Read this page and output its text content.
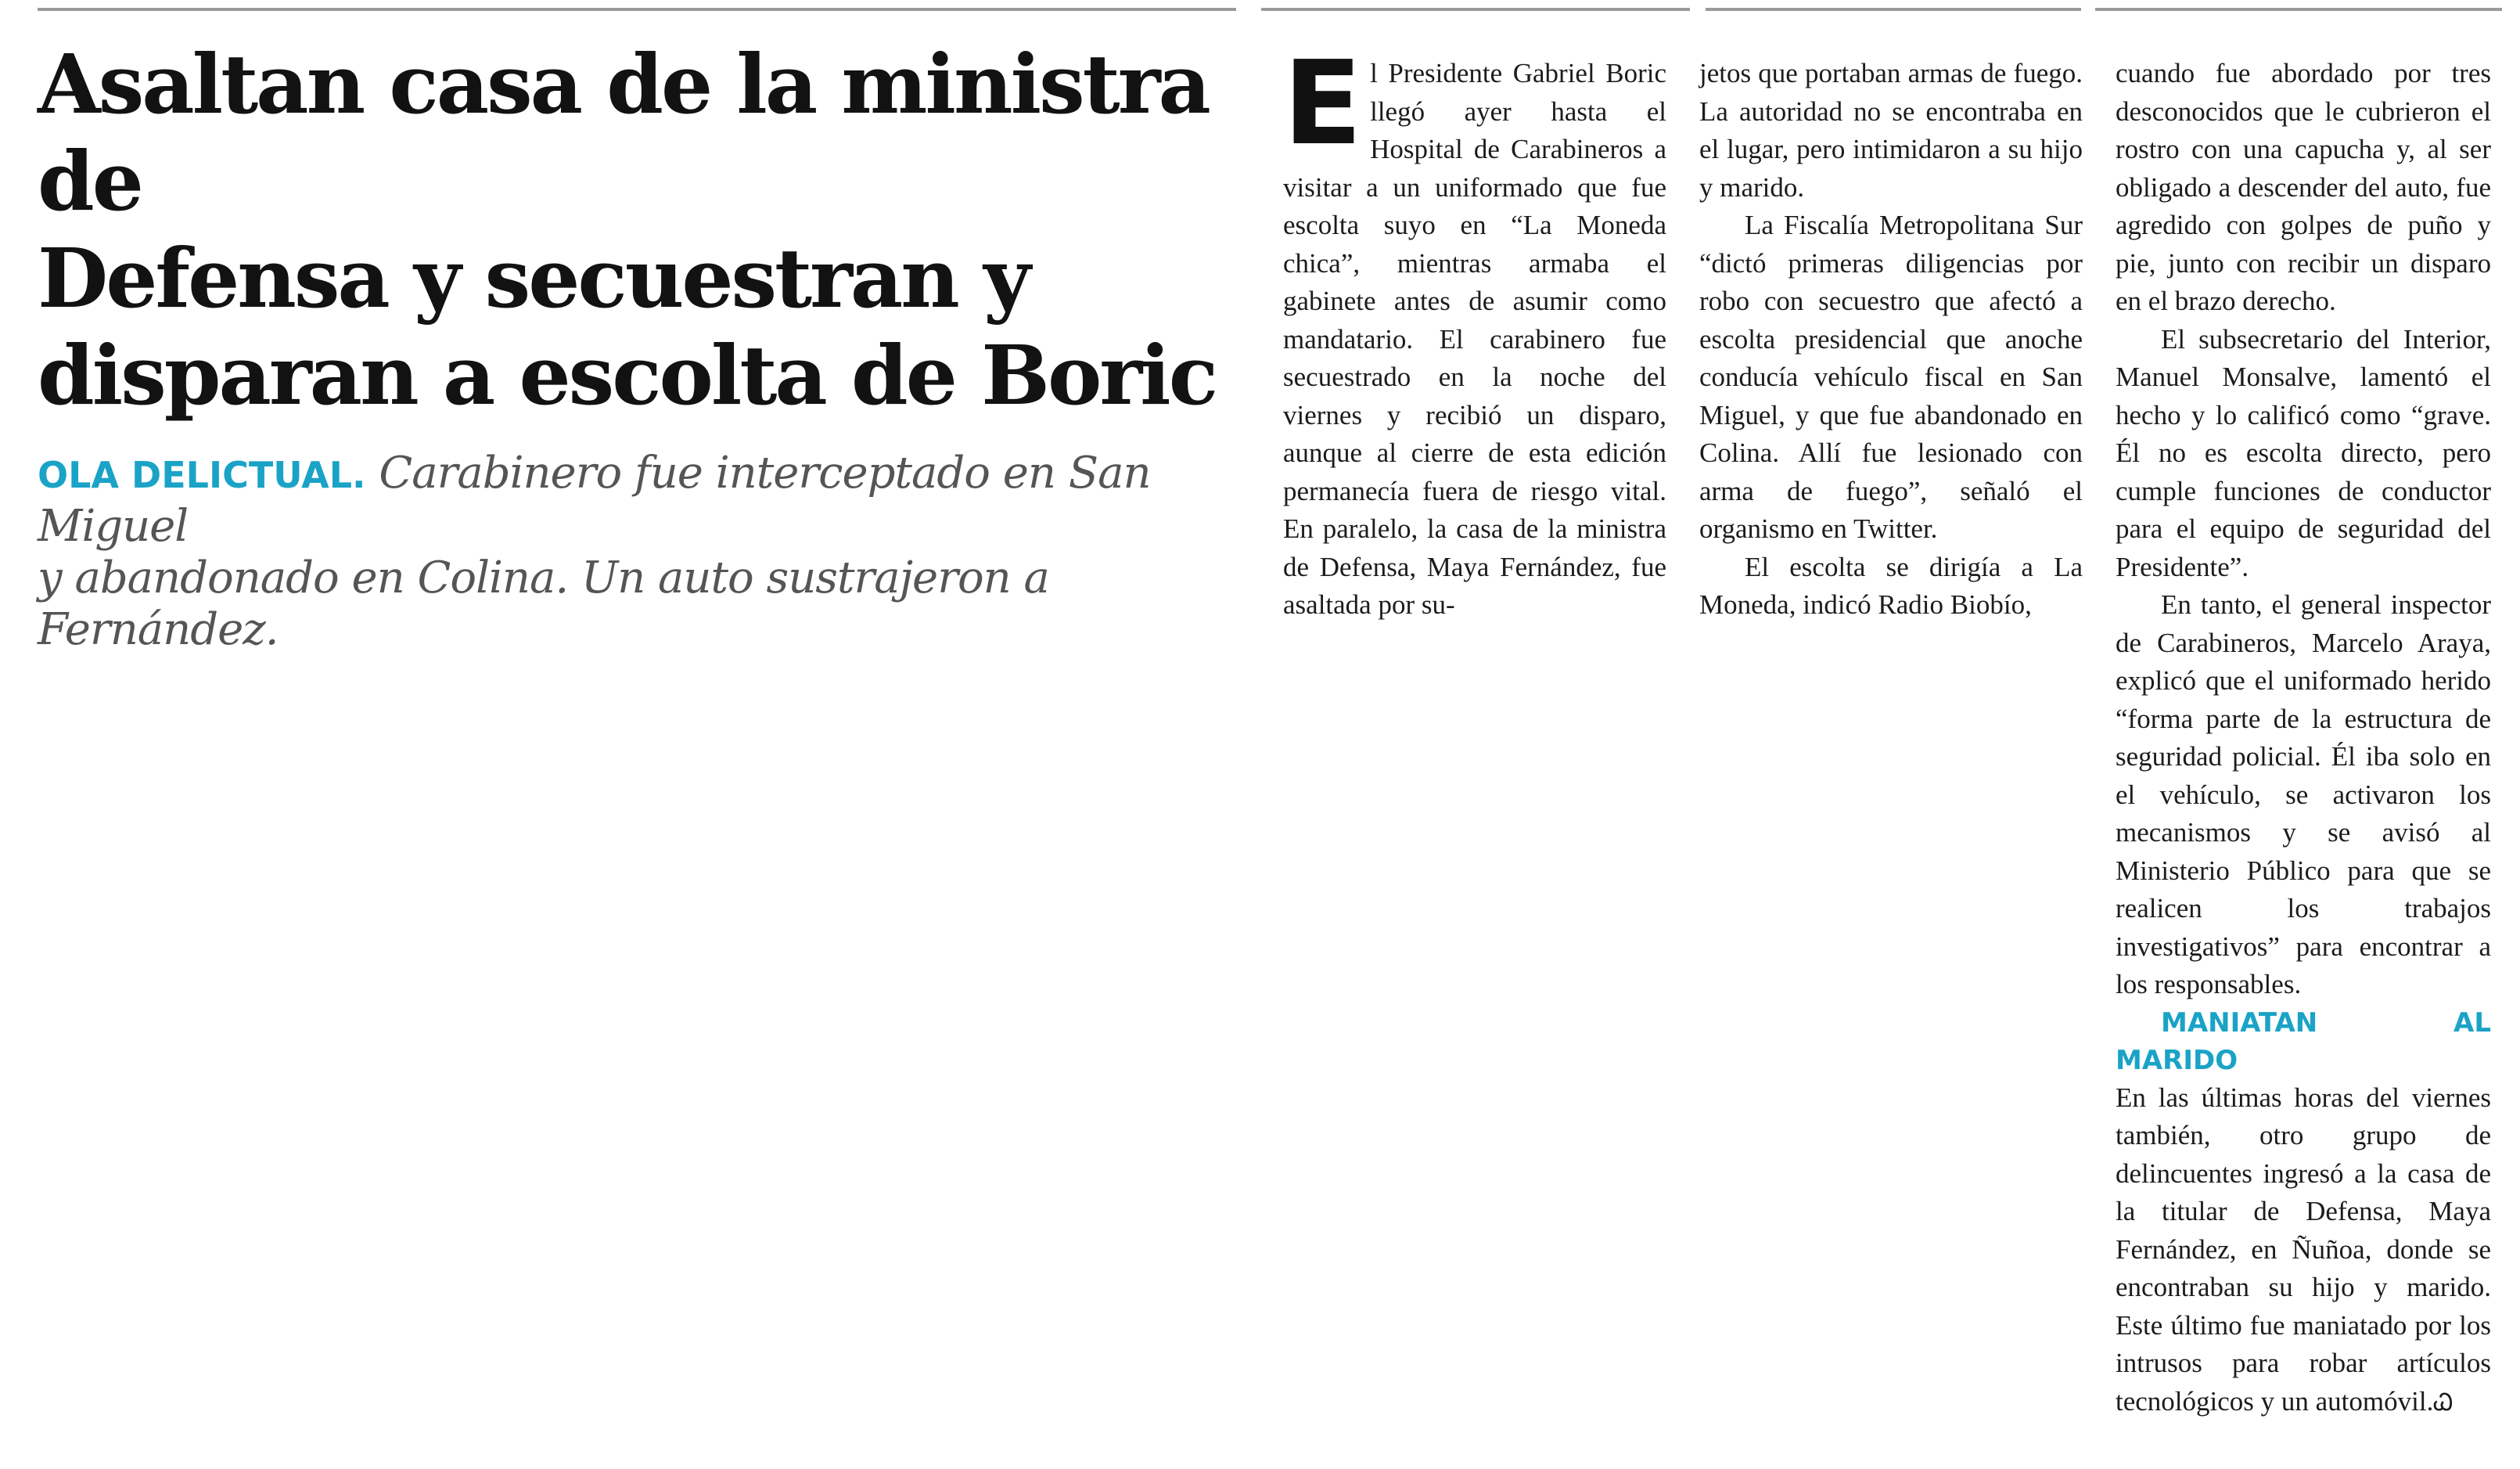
Asaltan casa de la ministra de
Defensa y secuestran y
disparan a escolta de Boric

OLA DELICTUAL. Carabinero fue interceptado en San Miguel
y abandonado en Colina. Un auto sustrajeron a Fernández.

El Presidente Gabriel Boric llegó ayer hasta el Hospital de Carabineros a visitar a un uniformado que fue escolta suyo en “La Moneda chica”, mientras armaba el gabinete antes de asumir como mandatario. El carabinero fue secuestrado en la noche del viernes y recibió un disparo, aunque al cierre de esta edición permanecía fuera de riesgo vital. En paralelo, la casa de la ministra de Defensa, Maya Fernández, fue asaltada por su-

jetos que portaban armas de fuego. La autoridad no se encontraba en el lugar, pero intimidaron a su hijo y marido.

La Fiscalía Metropolitana Sur “dictó primeras diligencias por robo con secuestro que afectó a escolta presidencial que anoche conducía vehículo fiscal en San Miguel, y que fue abandonado en Colina. Allí fue lesionado con arma de fuego”, señaló el organismo en Twitter.

El escolta se dirigía a La Moneda, indicó Radio Biobío,

cuando fue abordado por tres desconocidos que le cubrieron el rostro con una capucha y, al ser obligado a descender del auto, fue agredido con golpes de puño y pie, junto con recibir un disparo en el brazo derecho.

El subsecretario del Interior, Manuel Monsalve, lamentó el hecho y lo calificó como “grave. Él no es escolta directo, pero cumple funciones de conductor para el equipo de seguridad del Presidente”.

En tanto, el general inspector de Carabineros, Marcelo Araya, explicó que el uniformado herido “forma parte de la estructura de seguridad policial. Él iba solo en el vehículo, se activaron los mecanismos y se avisó al Ministerio Público para que se realicen los trabajos investigativos” para encontrar a los responsables.

MANIATAN AL MARIDO

En las últimas horas del viernes también, otro grupo de delincuentes ingresó a la casa de la titular de Defensa, Maya Fernández, en Ñuñoa, donde se encontraban su hijo y marido. Este último fue maniatado por los intrusos para robar artículos tecnológicos y un automóvil.Ꮗ
